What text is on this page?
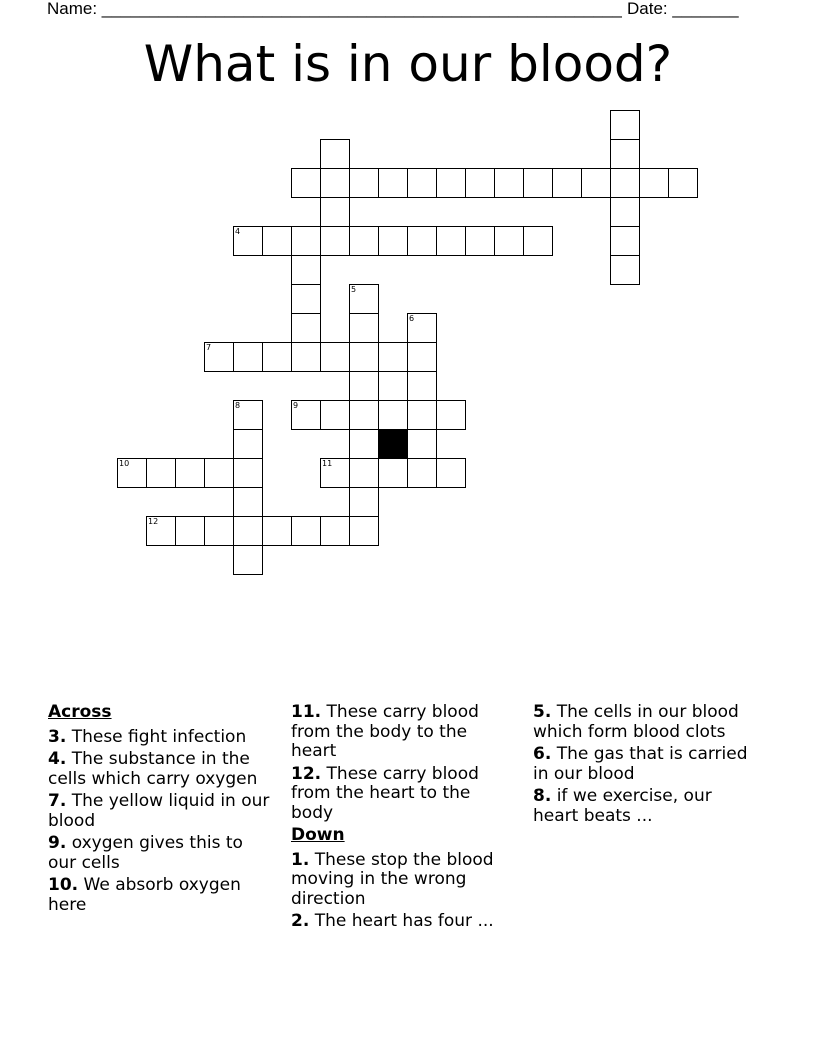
Name: _______________________________________________________ Date: _______
What is in our blood?
4
5
6
7
8	9
10	11
12
Across
3. These fight infection
4. The substance in the cells which carry oxygen
7. The yellow liquid in our blood
9. oxygen gives this to our cells
10. We absorb oxygen here
11. These carry blood from the body to the heart
12. These carry blood from the heart to the body
Down
1. These stop the blood moving in the wrong direction
2. The heart has four ...
5. The cells in our blood which form blood clots
6. The gas that is carried in our blood
8. if we exercise, our heart beats ...
